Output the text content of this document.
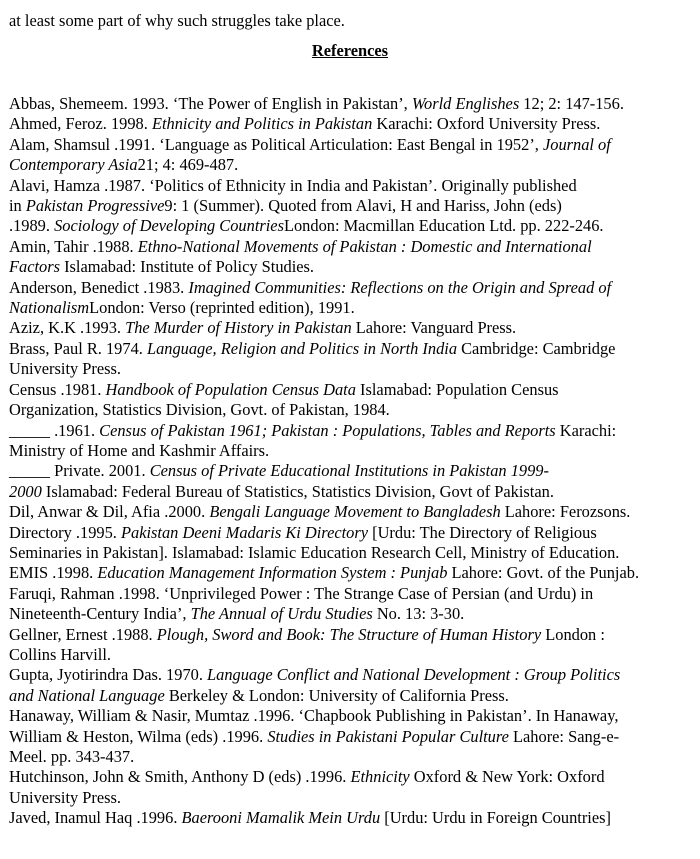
at least some part of why such struggles take place.

References

Abbas, Shemeem. 1993. ‘The Power of English in Pakistan’, World Englishes 12; 2: 147-156.

Ahmed, Feroz. 1998. Ethnicity and Politics in Pakistan Karachi: Oxford University Press.

Alam, Shamsul .1991. ‘Language as Political Articulation: East Bengal in 1952’, Journal of

Contemporary Asia21; 4: 469-487.

Alavi, Hamza .1987. ‘Politics of Ethnicity in India and Pakistan’. Originally published

in Pakistan Progressive9: 1 (Summer). Quoted from Alavi, H and Hariss, John (eds)

.1989. Sociology of Developing CountriesLondon: Macmillan Education Ltd. pp. 222-246.

Amin, Tahir .1988. Ethno-National Movements of Pakistan : Domestic and International

Factors Islamabad: Institute of Policy Studies.

Anderson, Benedict .1983. Imagined Communities: Reflections on the Origin and Spread of

NationalismLondon: Verso (reprinted edition), 1991.

Aziz, K.K .1993. The Murder of History in Pakistan Lahore: Vanguard Press.

Brass, Paul R. 1974. Language, Religion and Politics in North India Cambridge: Cambridge

University Press.

Census .1981. Handbook of Population Census Data Islamabad: Population Census

Organization, Statistics Division, Govt. of Pakistan, 1984.

_____ .1961. Census of Pakistan 1961; Pakistan : Populations, Tables and Reports Karachi:

Ministry of Home and Kashmir Affairs.

_____ Private. 2001. Census of Private Educational Institutions in Pakistan 1999-

2000 Islamabad: Federal Bureau of Statistics, Statistics Division, Govt of Pakistan.

Dil, Anwar & Dil, Afia .2000. Bengali Language Movement to Bangladesh Lahore: Ferozsons.

Directory .1995. Pakistan Deeni Madaris Ki Directory [Urdu: The Directory of Religious

Seminaries in Pakistan]. Islamabad: Islamic Education Research Cell, Ministry of Education.

EMIS .1998. Education Management Information System : Punjab Lahore: Govt. of the Punjab.

Faruqi, Rahman .1998. ‘Unprivileged Power : The Strange Case of Persian (and Urdu) in

Nineteenth-Century India’, The Annual of Urdu Studies No. 13: 3-30.

Gellner, Ernest .1988. Plough, Sword and Book: The Structure of Human History London :

Collins Harvill.

Gupta, Jyotirindra Das. 1970. Language Conflict and National Development : Group Politics

and National Language Berkeley & London: University of California Press.

Hanaway, William & Nasir, Mumtaz .1996. ‘Chapbook Publishing in Pakistan’. In Hanaway,

William & Heston, Wilma (eds) .1996. Studies in Pakistani Popular Culture Lahore: Sang-e-

Meel. pp. 343-437.

Hutchinson, John & Smith, Anthony D (eds) .1996. Ethnicity Oxford & New York: Oxford

University Press.

Javed, Inamul Haq .1996. Baerooni Mamalik Mein Urdu [Urdu: Urdu in Foreign Countries]
